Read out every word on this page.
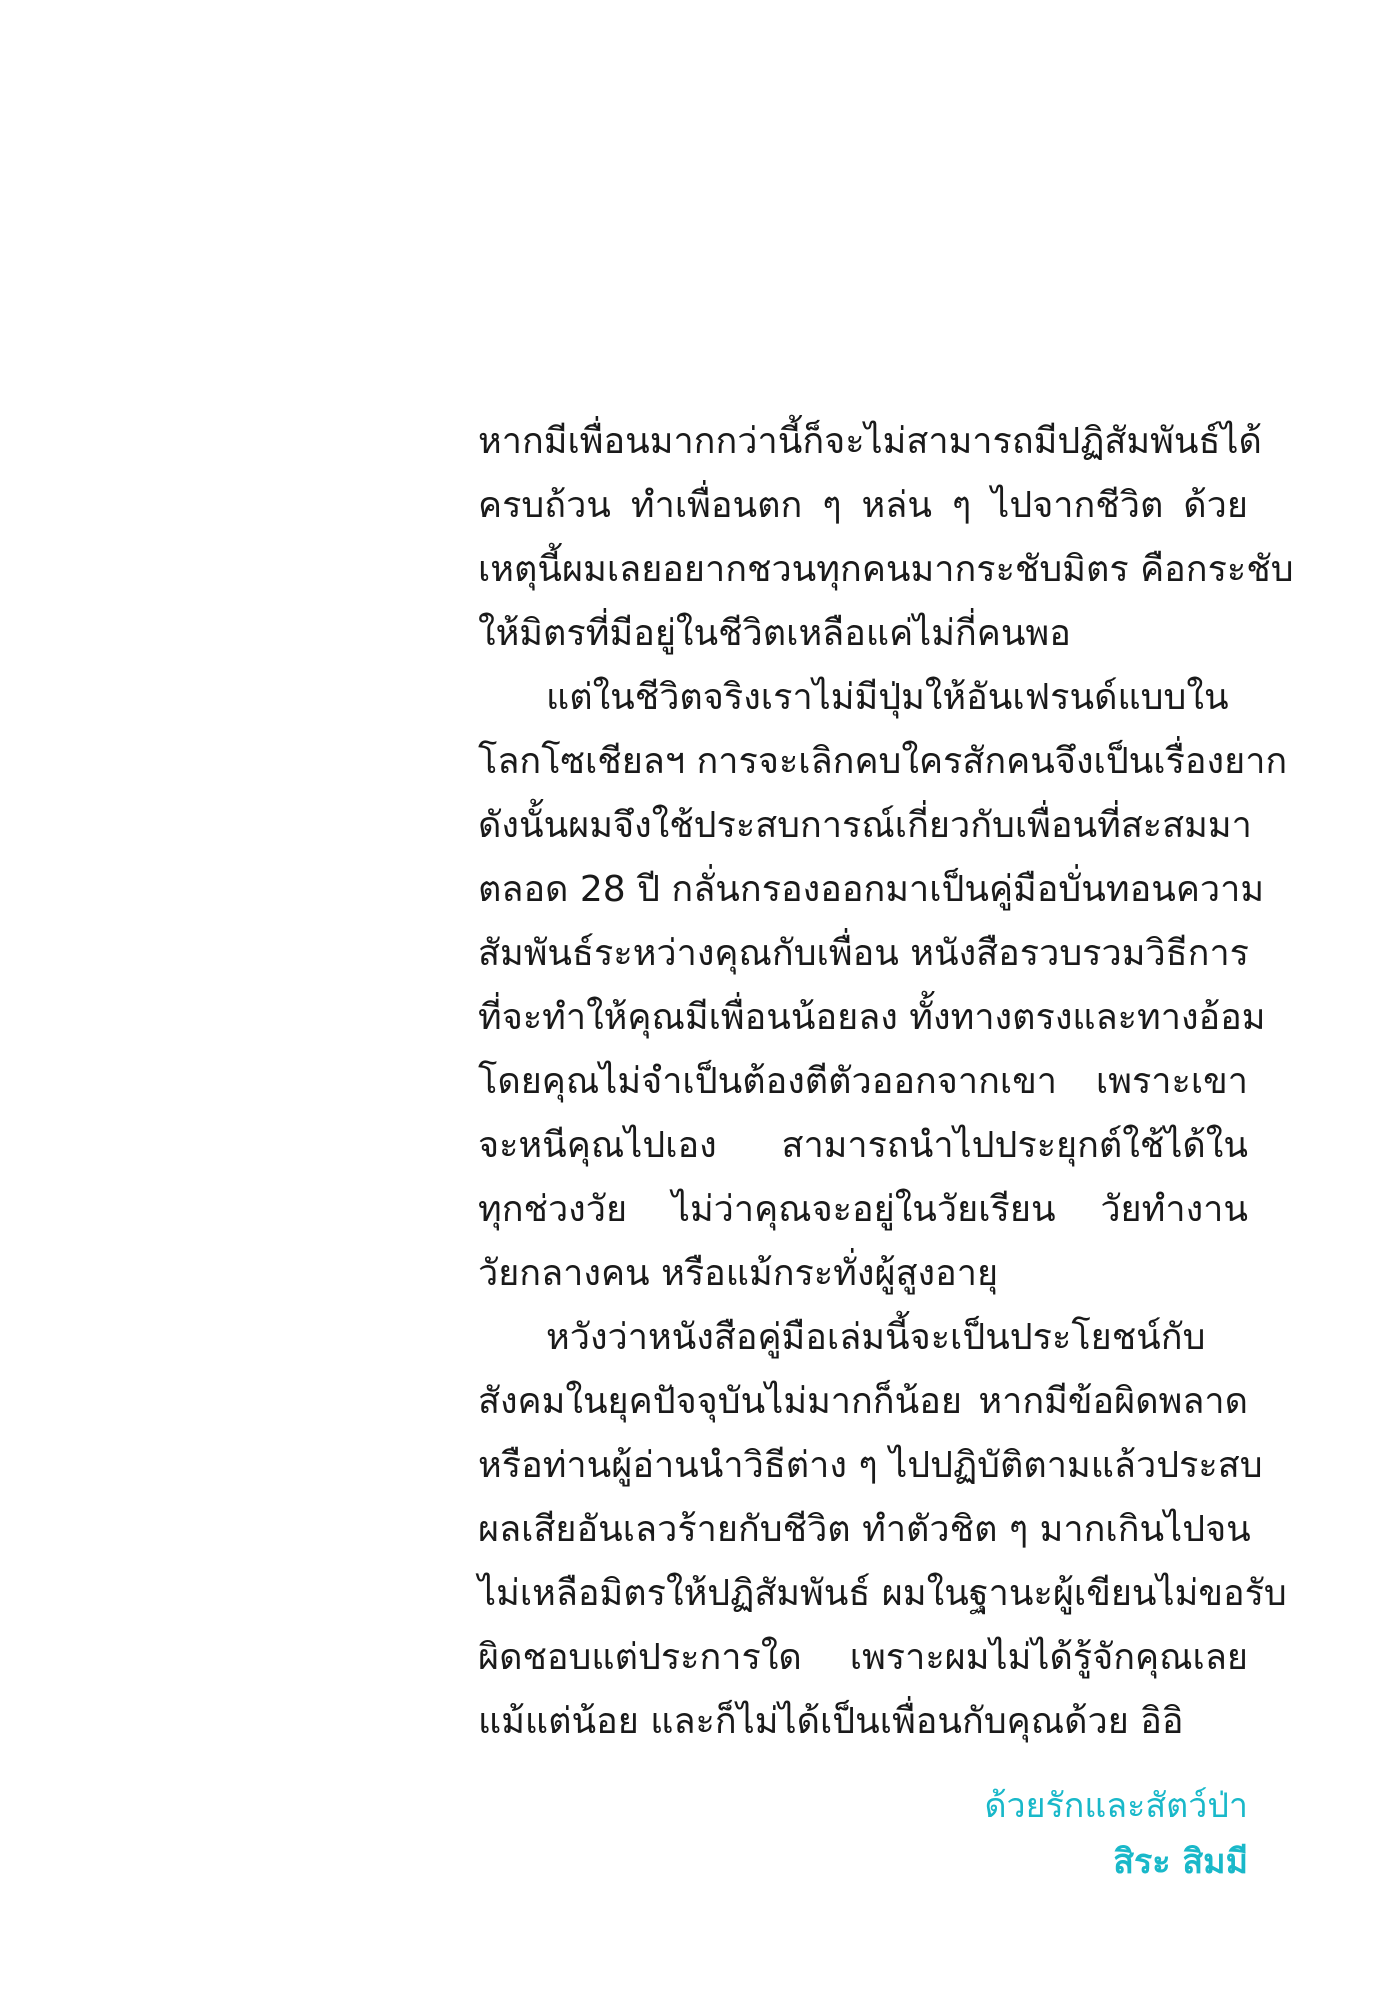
หากมีเพื่อนมากกว่านี้ก็จะไม่สามารถมีปฏิสัมพันธ์ได้
ครบถ้วน ทำเพื่อนตก ๆ หล่น ๆ ไปจากชีวิต ด้วย
เหตุนี้ผมเลยอยากชวนทุกคนมากระชับมิตร คือกระชับ
ให้มิตรที่มีอยู่ในชีวิตเหลือแค่ไม่กี่คนพอ
แต่ในชีวิตจริงเราไม่มีปุ่มให้อันเฟรนด์แบบใน
โลกโซเชียลฯ การจะเลิกคบใครสักคนจึงเป็นเรื่องยาก
ดังนั้นผมจึงใช้ประสบการณ์เกี่ยวกับเพื่อนที่สะสมมา
ตลอด 28 ปี กลั่นกรองออกมาเป็นคู่มือบั่นทอนความ
สัมพันธ์ระหว่างคุณกับเพื่อน หนังสือรวบรวมวิธีการ
ที่จะทำให้คุณมีเพื่อนน้อยลง ทั้งทางตรงและทางอ้อม
โดยคุณไม่จำเป็นต้องตีตัวออกจากเขา เพราะเขา
จะหนีคุณไปเอง สามารถนำไปประยุกต์ใช้ได้ใน
ทุกช่วงวัย ไม่ว่าคุณจะอยู่ในวัยเรียน วัยทำงาน
วัยกลางคน หรือแม้กระทั่งผู้สูงอายุ
หวังว่าหนังสือคู่มือเล่มนี้จะเป็นประโยชน์กับ
สังคมในยุคปัจจุบันไม่มากก็น้อย หากมีข้อผิดพลาด
หรือท่านผู้อ่านนำวิธีต่าง ๆ ไปปฏิบัติตามแล้วประสบ
ผลเสียอันเลวร้ายกับชีวิต ทำตัวชิต ๆ มากเกินไปจน
ไม่เหลือมิตรให้ปฏิสัมพันธ์ ผมในฐานะผู้เขียนไม่ขอรับ
ผิดชอบแต่ประการใด เพราะผมไม่ได้รู้จักคุณเลย
แม้แต่น้อย และก็ไม่ได้เป็นเพื่อนกับคุณด้วย อิอิ
ด้วยรักและสัตว์ป่า
สิระ สิมมี
